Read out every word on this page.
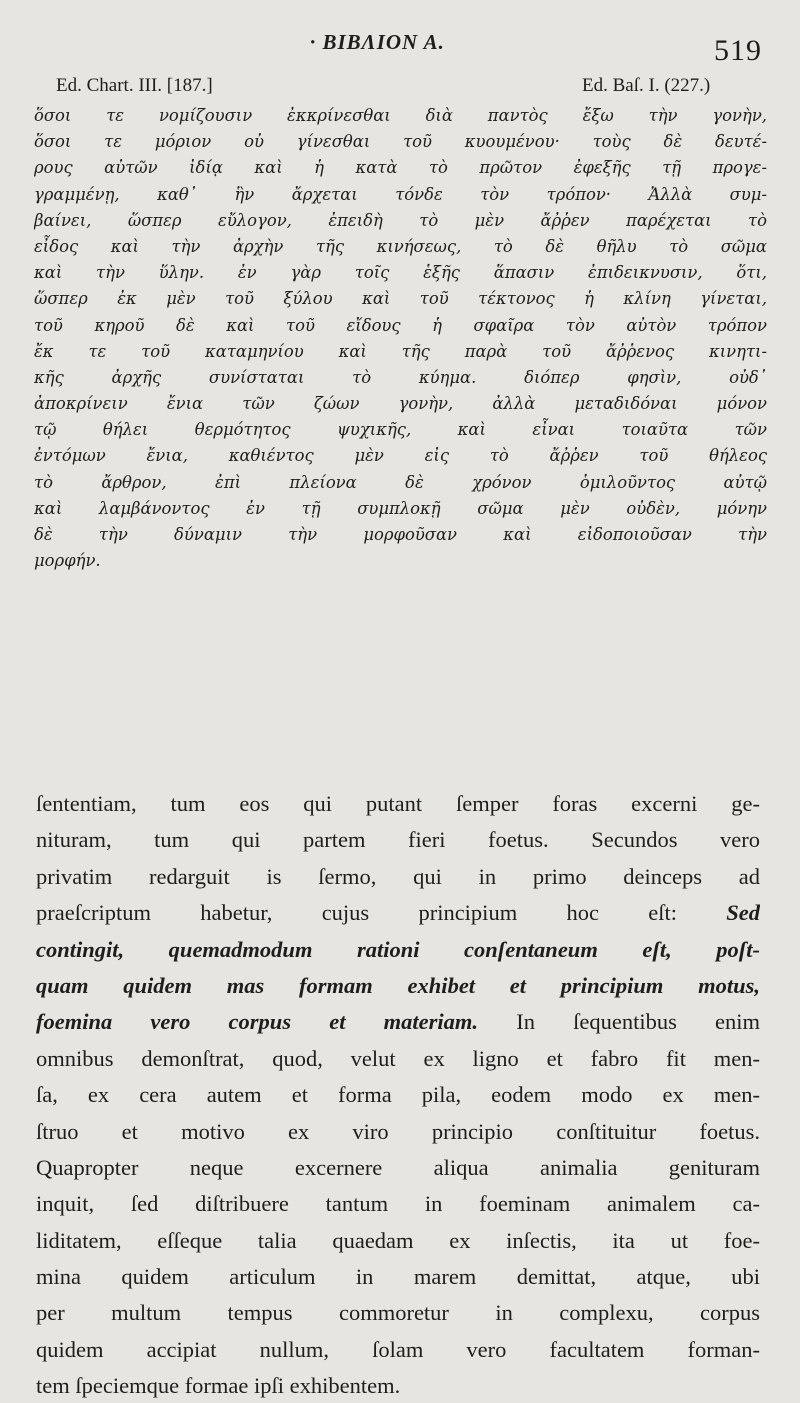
· BIBΛΙΟΝ Α.	519
Ed. Chart. III. [187.]	Ed. Baſ. I. (227.)
ὅσοι τε νομίζουσιν ἐκκρίνεσθαι διὰ παντὸς ἔξω τὴν γονὴν,
ὅσοι τε μόριον οὐ γίνεσθαι τοῦ κυουμένου· τοὺς δὲ δευτέ-
ρους αὐτῶν ἰδίᾳ καὶ ἡ κατὰ τὸ πρῶτον ἐφεξῆς τῇ προγε-
γραμμένῃ, καθ᾽ ἣν ἄρχεται τόνδε τὸν τρόπον· Ἀλλὰ συμ-
βαίνει, ὥσπερ εὔλογον, ἐπειδὴ τὸ μὲν ἄῤῥεν παρέχεται τὸ
εἶδος καὶ τὴν ἀρχὴν τῆς κινήσεως, τὸ δὲ θῆλυ τὸ σῶμα
καὶ τὴν ὕλην. ἐν γὰρ τοῖς ἑξῆς ἅπασιν ἐπιδεικνυσιν, ὅτι,
ὥσπερ ἐκ μὲν τοῦ ξύλου καὶ τοῦ τέκτονος ἡ κλίνη γίνεται,
τοῦ κηροῦ δὲ καὶ τοῦ εἴδους ἡ σφαῖρα τὸν αὐτὸν τρόπον
ἔκ τε τοῦ καταμηνίου καὶ τῆς παρὰ τοῦ ἄῤῥενος κινητι-
κῆς ἀρχῆς συνίσταται τὸ κύημα. διόπερ φησὶν, οὐδ᾽
ἀποκρίνειν ἔνια τῶν ζώων γονὴν, ἀλλὰ μεταδιδόναι μόνον
τῷ θήλει θερμότητος ψυχικῆς, καὶ εἶναι τοιαῦτα τῶν
ἐντόμων ἔνια, καθιέντος μὲν εἰς τὸ ἄῤῥεν τοῦ θήλεος
τὸ ἄρθρον, ἐπὶ πλείονα δὲ χρόνον ὁμιλοῦντος αὐτῷ
καὶ λαμβάνοντος ἐν τῇ συμπλοκῇ σῶμα μὲν οὐδὲν, μόνην
δὲ τὴν δύναμιν τὴν μορφοῦσαν καὶ εἰδοποιοῦσαν τὴν
μορφήν.
ſententiam, tum eos qui putant ſemper foras excerni ge-
nituram, tum qui partem fieri foetus. Secundos vero
privatim redarguit is ſermo, qui in primo deinceps ad
praeſcriptum habetur, cujus principium hoc eſt: Sed
contingit, quemadmodum rationi conſentaneum eſt, poſt-
quam quidem mas formam exhibet et principium motus,
foemina vero corpus et materiam. In ſequentibus enim
omnibus demonſtrat, quod, velut ex ligno et fabro fit men-
ſa, ex cera autem et forma pila, eodem modo ex men-
ſtruo et motivo ex viro principio conſtituitur foetus.
Quapropter neque excernere aliqua animalia genituram
inquit, ſed diſtribuere tantum in foeminam animalem ca-
liditatem, eſſeque talia quaedam ex inſectis, ita ut foe-
mina quidem articulum in marem demittat, atque, ubi
per multum tempus commoretur in complexu, corpus
quidem accipiat nullum, ſolam vero facultatem forman-
tem ſpeciemque formae ipſi exhibentem.
